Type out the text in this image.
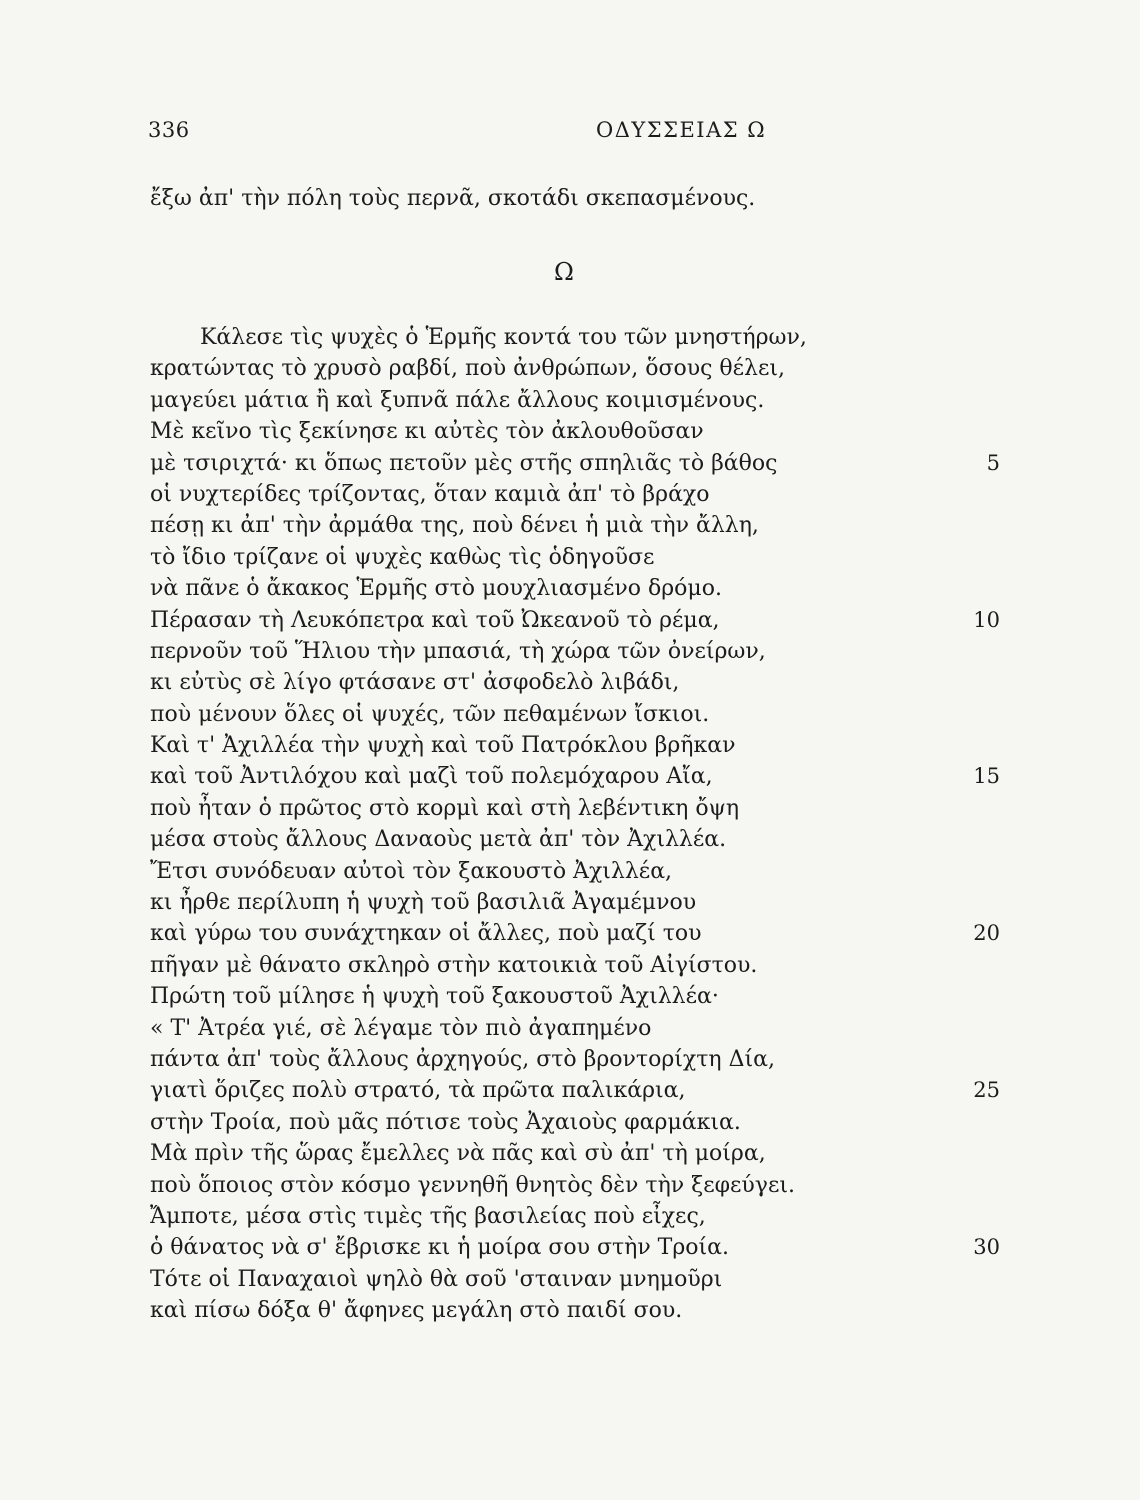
336	ΟΔΥΣΣΕΙΑΣ Ω
ἔξω ἀπ' τὴν πόλη τοὺς περνᾶ, σκοτάδι σκεπασμένους.
Ω
Κάλεσε τὶς ψυχὲς ὁ Ἑρμῆς κοντά του τῶν μνηστήρων,
κρατώντας τὸ χρυσὸ ραβδί, ποὺ ἀνθρώπων, ὅσους θέλει,
μαγεύει μάτια ἢ καὶ ξυπνᾶ πάλε ἄλλους κοιμισμένους.
Μὲ κεῖνο τὶς ξεκίνησε κι αὐτὲς τὸν ἀκλουθοῦσαν
μὲ τσιριχτά· κι ὅπως πετοῦν μὲς στῆς σπηλιᾶς τὸ βάθος	5
οἱ νυχτερίδες τρίζοντας, ὅταν καμιὰ ἀπ' τὸ βράχο
πέσῃ κι ἀπ' τὴν ἀρμάθα της, ποὺ δένει ἡ μιὰ τὴν ἄλλη,
τὸ ἴδιο τρίζανε οἱ ψυχὲς καθὼς τὶς ὁδηγοῦσε
νὰ πᾶνε ὁ ἄκακος Ἑρμῆς στὸ μουχλιασμένο δρόμο.
Πέρασαν τὴ Λευκόπετρα καὶ τοῦ Ὠκεανοῦ τὸ ρέμα,	10
περνοῦν τοῦ Ἥλιου τὴν μπασιά, τὴ χώρα τῶν ὀνείρων,
κι εὐτὺς σὲ λίγο φτάσανε στ' ἀσφοδελὸ λιβάδι,
ποὺ μένουν ὅλες οἱ ψυχές, τῶν πεθαμένων ἴσκιοι.
Καὶ τ' Ἀχιλλέα τὴν ψυχὴ καὶ τοῦ Πατρόκλου βρῆκαν
καὶ τοῦ Ἀντιλόχου καὶ μαζὶ τοῦ πολεμόχαρου Αἴα,	15
ποὺ ἦταν ὁ πρῶτος στὸ κορμὶ καὶ στὴ λεβέντικη ὄψη
μέσα στοὺς ἄλλους Δαναοὺς μετὰ ἀπ' τὸν Ἀχιλλέα.
Ἔτσι συνόδευαν αὐτοὶ τὸν ξακουστὸ Ἀχιλλέα,
κι ἦρθε περίλυπη ἡ ψυχὴ τοῦ βασιλιᾶ Ἀγαμέμνου
καὶ γύρω του συνάχτηκαν οἱ ἄλλες, ποὺ μαζί του	20
πῆγαν μὲ θάνατο σκληρὸ στὴν κατοικιὰ τοῦ Αἰγίστου.
Πρώτη τοῦ μίλησε ἡ ψυχὴ τοῦ ξακουστοῦ Ἀχιλλέα·
« Τ' Ἀτρέα γιέ, σὲ λέγαμε τὸν πιὸ ἀγαπημένο
πάντα ἀπ' τοὺς ἄλλους ἀρχηγούς, στὸ βροντορίχτη Δία,
γιατὶ ὅριζες πολὺ στρατό, τὰ πρῶτα παλικάρια,	25
στὴν Τροία, ποὺ μᾶς πότισε τοὺς Ἀχαιοὺς φαρμάκια.
Μὰ πρὶν τῆς ὥρας ἔμελλες νὰ πᾶς καὶ σὺ ἀπ' τὴ μοίρα,
ποὺ ὅποιος στὸν κόσμο γεννηθῆ θνητὸς δὲν τὴν ξεφεύγει.
Ἄμποτε, μέσα στὶς τιμὲς τῆς βασιλείας ποὺ εἶχες,
ὁ θάνατος νὰ σ' ἔβρισκε κι ἡ μοίρα σου στὴν Τροία.	30
Τότε οἱ Παναχαιοὶ ψηλὸ θὰ σοῦ 'σταιναν μνημοῦρι
καὶ πίσω δόξα θ' ἄφηνες μεγάλη στὸ παιδί σου.
